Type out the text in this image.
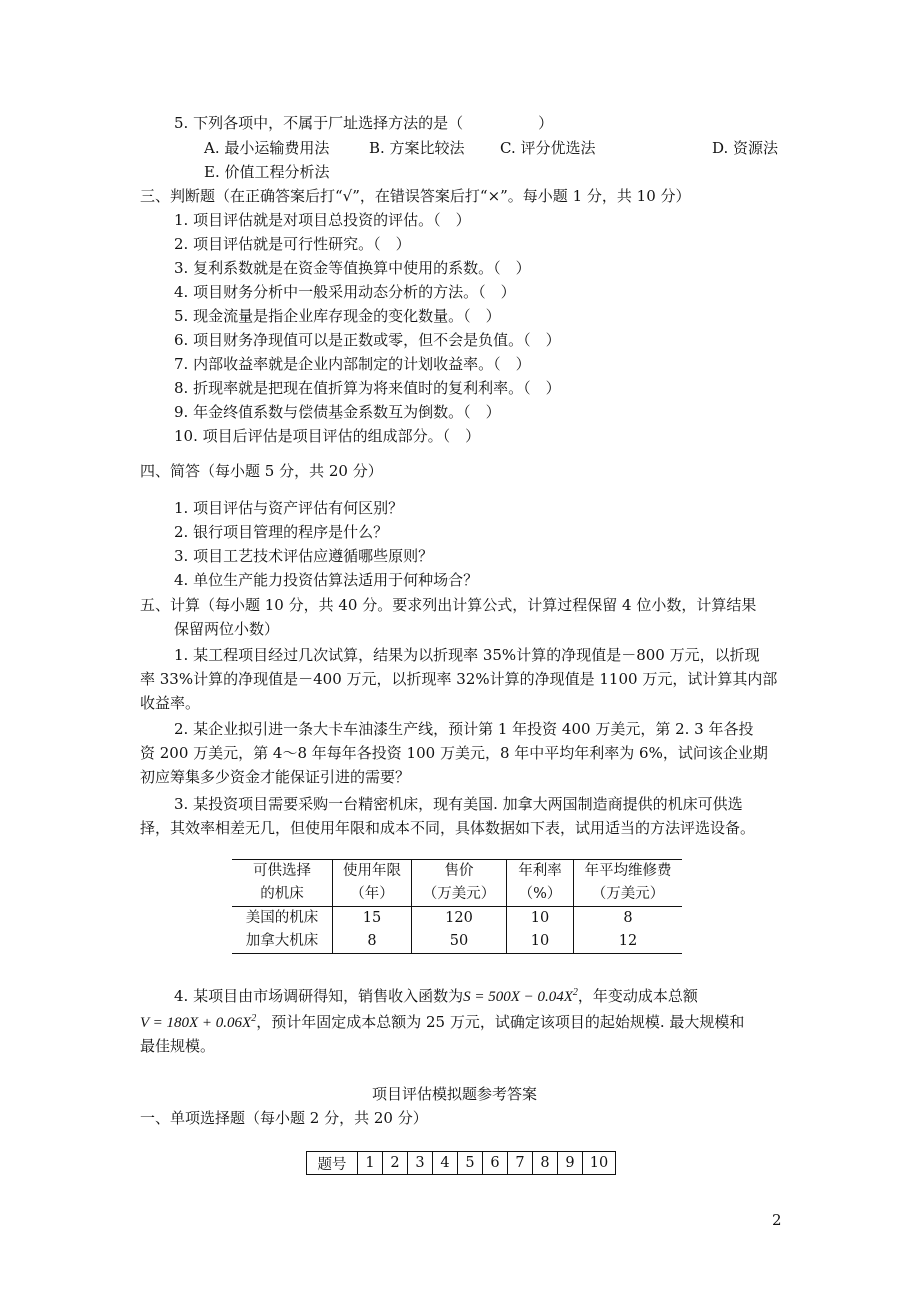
5. 下列各项中，不属于厂址选择方法的是（　　　　　）
A. 最小运输费用法	B. 方案比较法 C. 评分优选法	D. 资源法
E. 价值工程分析法
三、判断题（在正确答案后打“√”，在错误答案后打“×”。每小题 1 分，共 10 分）
1. 项目评估就是对项目总投资的评估。（　）
2. 项目评估就是可行性研究。（　）
3. 复利系数就是在资金等值换算中使用的系数。（　）
4. 项目财务分析中一般采用动态分析的方法。（　）
5. 现金流量是指企业库存现金的变化数量。（　）
6. 项目财务净现值可以是正数或零，但不会是负值。（　）
7. 内部收益率就是企业内部制定的计划收益率。（　）
8. 折现率就是把现在值折算为将来值时的复利利率。（　）
9. 年金终值系数与偿债基金系数互为倒数。（　）
10. 项目后评估是项目评估的组成部分。（　）
四、简答（每小题 5 分，共 20 分）
1. 项目评估与资产评估有何区别？
2. 银行项目管理的程序是什么？
3. 项目工艺技术评估应遵循哪些原则？
4. 单位生产能力投资估算法适用于何种场合？
五、计算（每小题 10 分，共 40 分。要求列出计算公式，计算过程保留 4 位小数，计算结果
保留两位小数）
1. 某工程项目经过几次试算，结果为以折现率 35%计算的净现值是－800 万元，以折现
率 33%计算的净现值是－400 万元，以折现率 32%计算的净现值是 1100 万元，试计算其内部
收益率。
2. 某企业拟引进一条大卡车油漆生产线，预计第 1 年投资 400 万美元，第 2. 3 年各投
资 200 万美元，第 4～8 年每年各投资 100 万美元，8 年中平均年利率为 6%，试问该企业期
初应筹集多少资金才能保证引进的需要？
3. 某投资项目需要采购一台精密机床，现有美国. 加拿大两国制造商提供的机床可供选
择，其效率相差无几，但使用年限和成本不同，具体数据如下表，试用适当的方法评选设备。
可供选择	使用年限	售价	年利率	年平均维修费
的机床	（年）	（万美元）	（%）	（万美元）
美国的机床	15	120	10	8
加拿大机床	8	50	10	12
4. 某项目由市场调研得知，销售收入函数为$S = 500X - 0.04X^2$，年变动成本总额
$V = 180X + 0.06X^2$，预计年固定成本总额为 25 万元，试确定该项目的起始规模. 最大规模和
最佳规模。
项目评估模拟题参考答案
一、单项选择题（每小题 2 分，共 20 分）
题号	1	2	3	4	5	6	7	8	9	10
2
